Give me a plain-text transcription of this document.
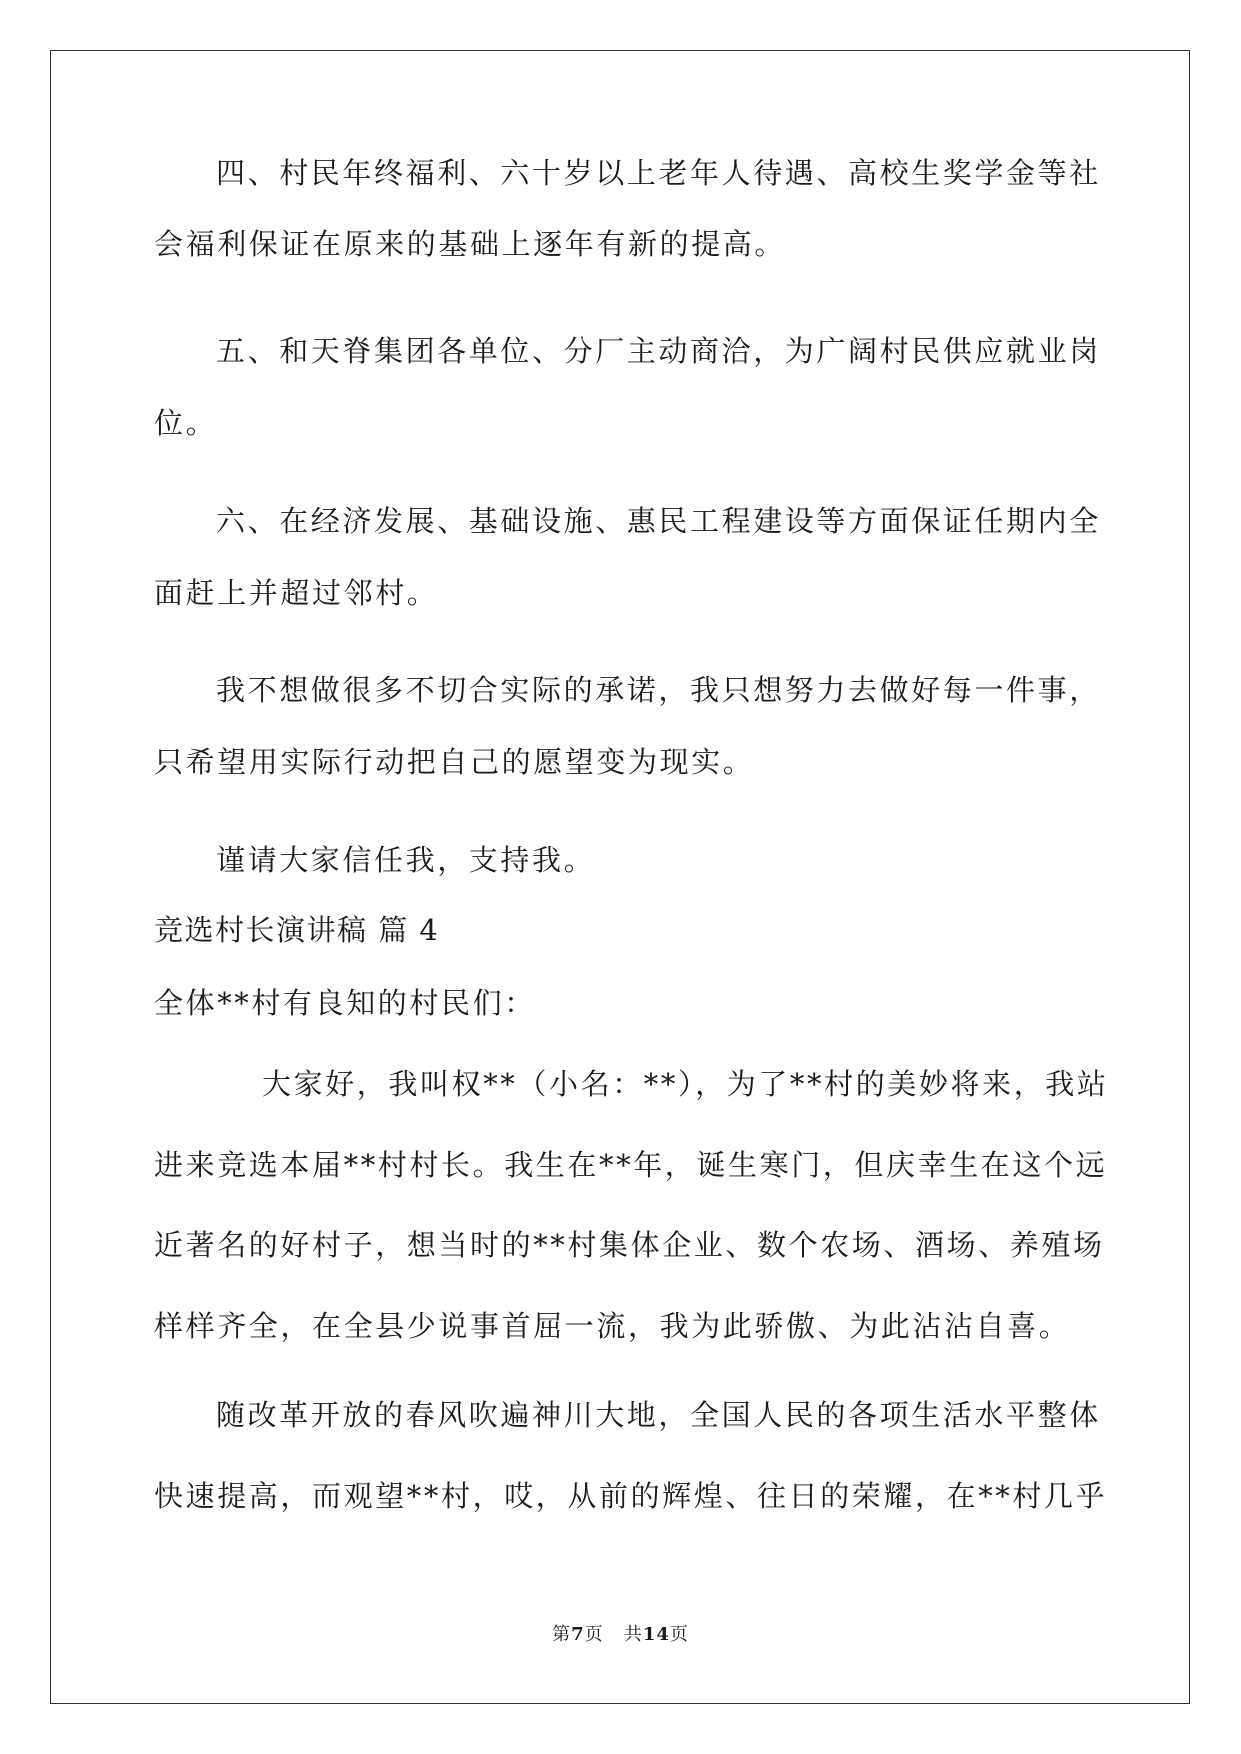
四、村民年终福利、六十岁以上老年人待遇、高校生奖学金等社
会福利保证在原来的基础上逐年有新的提高。
五、和天脊集团各单位、分厂主动商洽，为广阔村民供应就业岗
位。
六、在经济发展、基础设施、惠民工程建设等方面保证任期内全
面赶上并超过邻村。
我不想做很多不切合实际的承诺，我只想努力去做好每一件事，
只希望用实际行动把自己的愿望变为现实。
谨请大家信任我，支持我。
竞选村长演讲稿 篇 4
全体**村有良知的村民们：
大家好，我叫权**（小名：**），为了**村的美妙将来，我站
进来竞选本届**村村长。我生在**年，诞生寒门，但庆幸生在这个远
近著名的好村子，想当时的**村集体企业、数个农场、酒场、养殖场
样样齐全，在全县少说事首屈一流，我为此骄傲、为此沾沾自喜。
随改革开放的春风吹遍神川大地，全国人民的各项生活水平整体
快速提高，而观望**村，哎，从前的辉煌、往日的荣耀，在**村几乎
第7页 共14页
